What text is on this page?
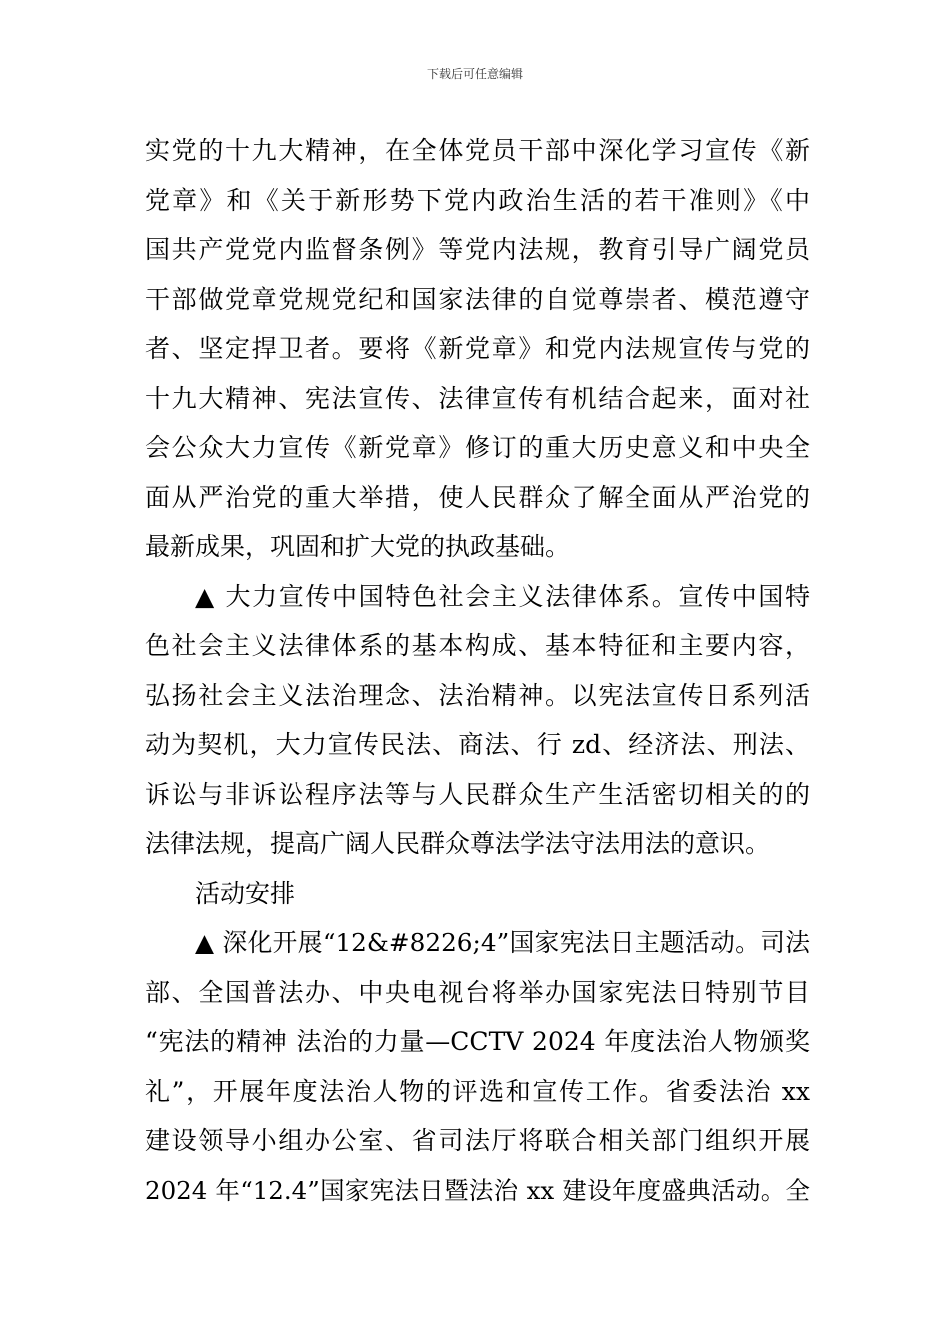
下载后可任意编辑
实党的十九大精神，在全体党员干部中深化学习宣传《新
党章》和《关于新形势下党内政治生活的若干准则》《中
国共产党党内监督条例》等党内法规，教育引导广阔党员
干部做党章党规党纪和国家法律的自觉尊崇者、模范遵守
者、坚定捍卫者。要将《新党章》和党内法规宣传与党的
十九大精神、宪法宣传、法律宣传有机结合起来，面对社
会公众大力宣传《新党章》修订的重大历史意义和中央全
面从严治党的重大举措，使人民群众了解全面从严治党的
最新成果，巩固和扩大党的执政基础。
▲ 大力宣传中国特色社会主义法律体系。宣传中国特
色社会主义法律体系的基本构成、基本特征和主要内容，
弘扬社会主义法治理念、法治精神。以宪法宣传日系列活
动为契机，大力宣传民法、商法、行 zd、经济法、刑法、
诉讼与非诉讼程序法等与人民群众生产生活密切相关的的
法律法规，提高广阔人民群众尊法学法守法用法的意识。
活动安排
▲ 深化开展“12&#8226;4”国家宪法日主题活动。司法
部、全国普法办、中央电视台将举办国家宪法日特别节目
“宪法的精神 法治的力量—CCTV 2024 年度法治人物颁奖
礼”，开展年度法治人物的评选和宣传工作。省委法治 xx
建设领导小组办公室、省司法厅将联合相关部门组织开展
2024 年“12.4”国家宪法日暨法治 xx 建设年度盛典活动。全
